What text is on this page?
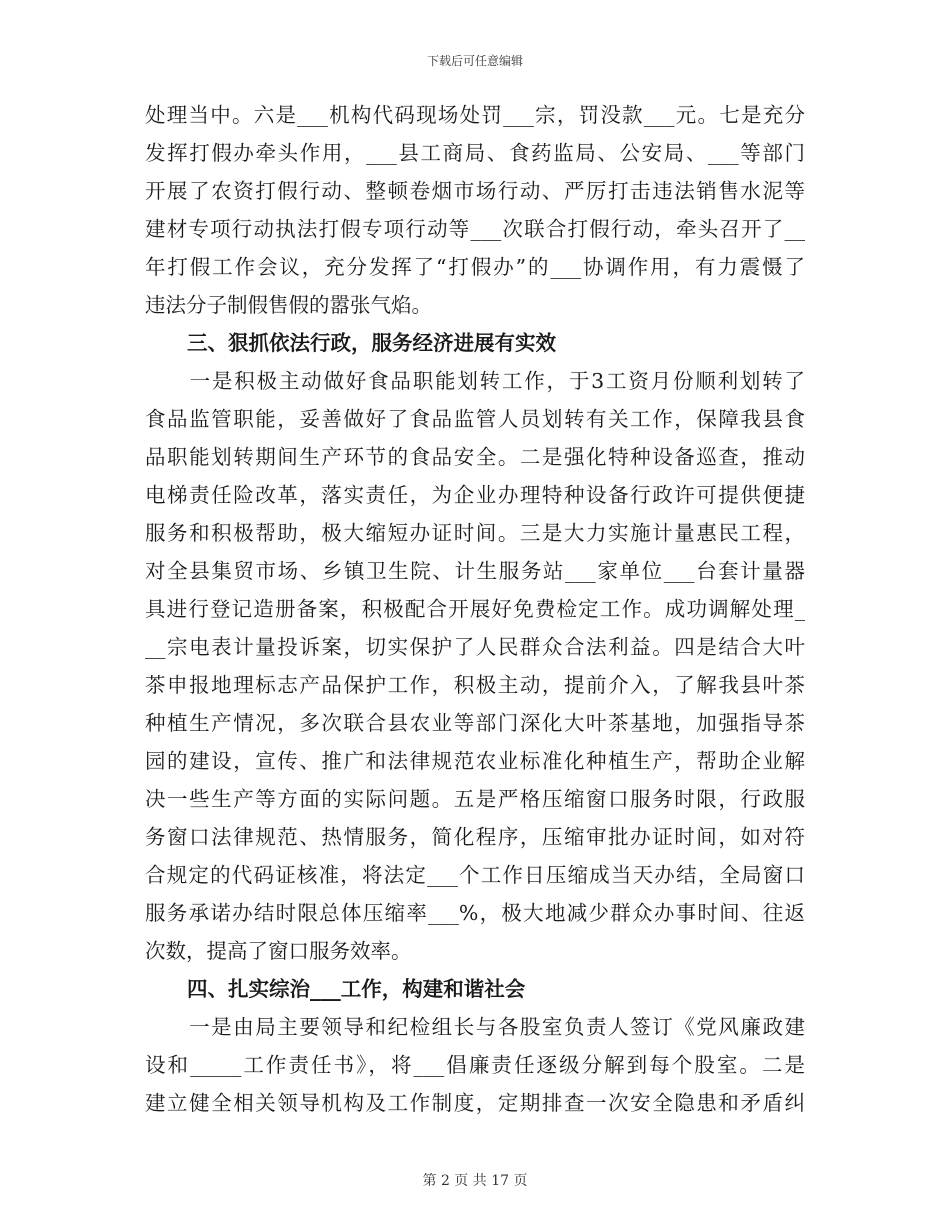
下载后可任意编辑
处理当中。六是___机构代码现场处罚___宗，罚没款___元。七是充分
发挥打假办牵头作用，___县工商局、食药监局、公安局、___等部门
开展了农资打假行动、整顿卷烟市场行动、严厉打击违法销售水泥等
建材专项行动执法打假专项行动等___次联合打假行动，牵头召开了__
年打假工作会议，充分发挥了“打假办”的___协调作用，有力震慑了
违法分子制假售假的嚣张气焰。
三、狠抓依法行政，服务经济进展有实效
　　一是积极主动做好食品职能划转工作，于3工资月份顺利划转了
食品监管职能，妥善做好了食品监管人员划转有关工作，保障我县食
品职能划转期间生产环节的食品安全。二是强化特种设备巡查，推动
电梯责任险改革，落实责任，为企业办理特种设备行政许可提供便捷
服务和积极帮助，极大缩短办证时间。三是大力实施计量惠民工程，
对全县集贸市场、乡镇卫生院、计生服务站___家单位___台套计量器
具进行登记造册备案，积极配合开展好免费检定工作。成功调解处理_
__宗电表计量投诉案，切实保护了人民群众合法利益。四是结合大叶
茶申报地理标志产品保护工作，积极主动，提前介入，了解我县叶茶
种植生产情况，多次联合县农业等部门深化大叶茶基地，加强指导茶
园的建设，宣传、推广和法律规范农业标准化种植生产，帮助企业解
决一些生产等方面的实际问题。五是严格压缩窗口服务时限，行政服
务窗口法律规范、热情服务，简化程序，压缩审批办证时间，如对符
合规定的代码证核准，将法定___个工作日压缩成当天办结，全局窗口
服务承诺办结时限总体压缩率___%，极大地减少群众办事时间、往返
次数，提高了窗口服务效率。
四、扎实综治___工作，构建和谐社会
　　一是由局主要领导和纪检组长与各股室负责人签订《党风廉政建
设和_____工作责任书》，将___倡廉责任逐级分解到每个股室。二是
建立健全相关领导机构及工作制度，定期排查一次安全隐患和矛盾纠
第 2 页 共 17 页
